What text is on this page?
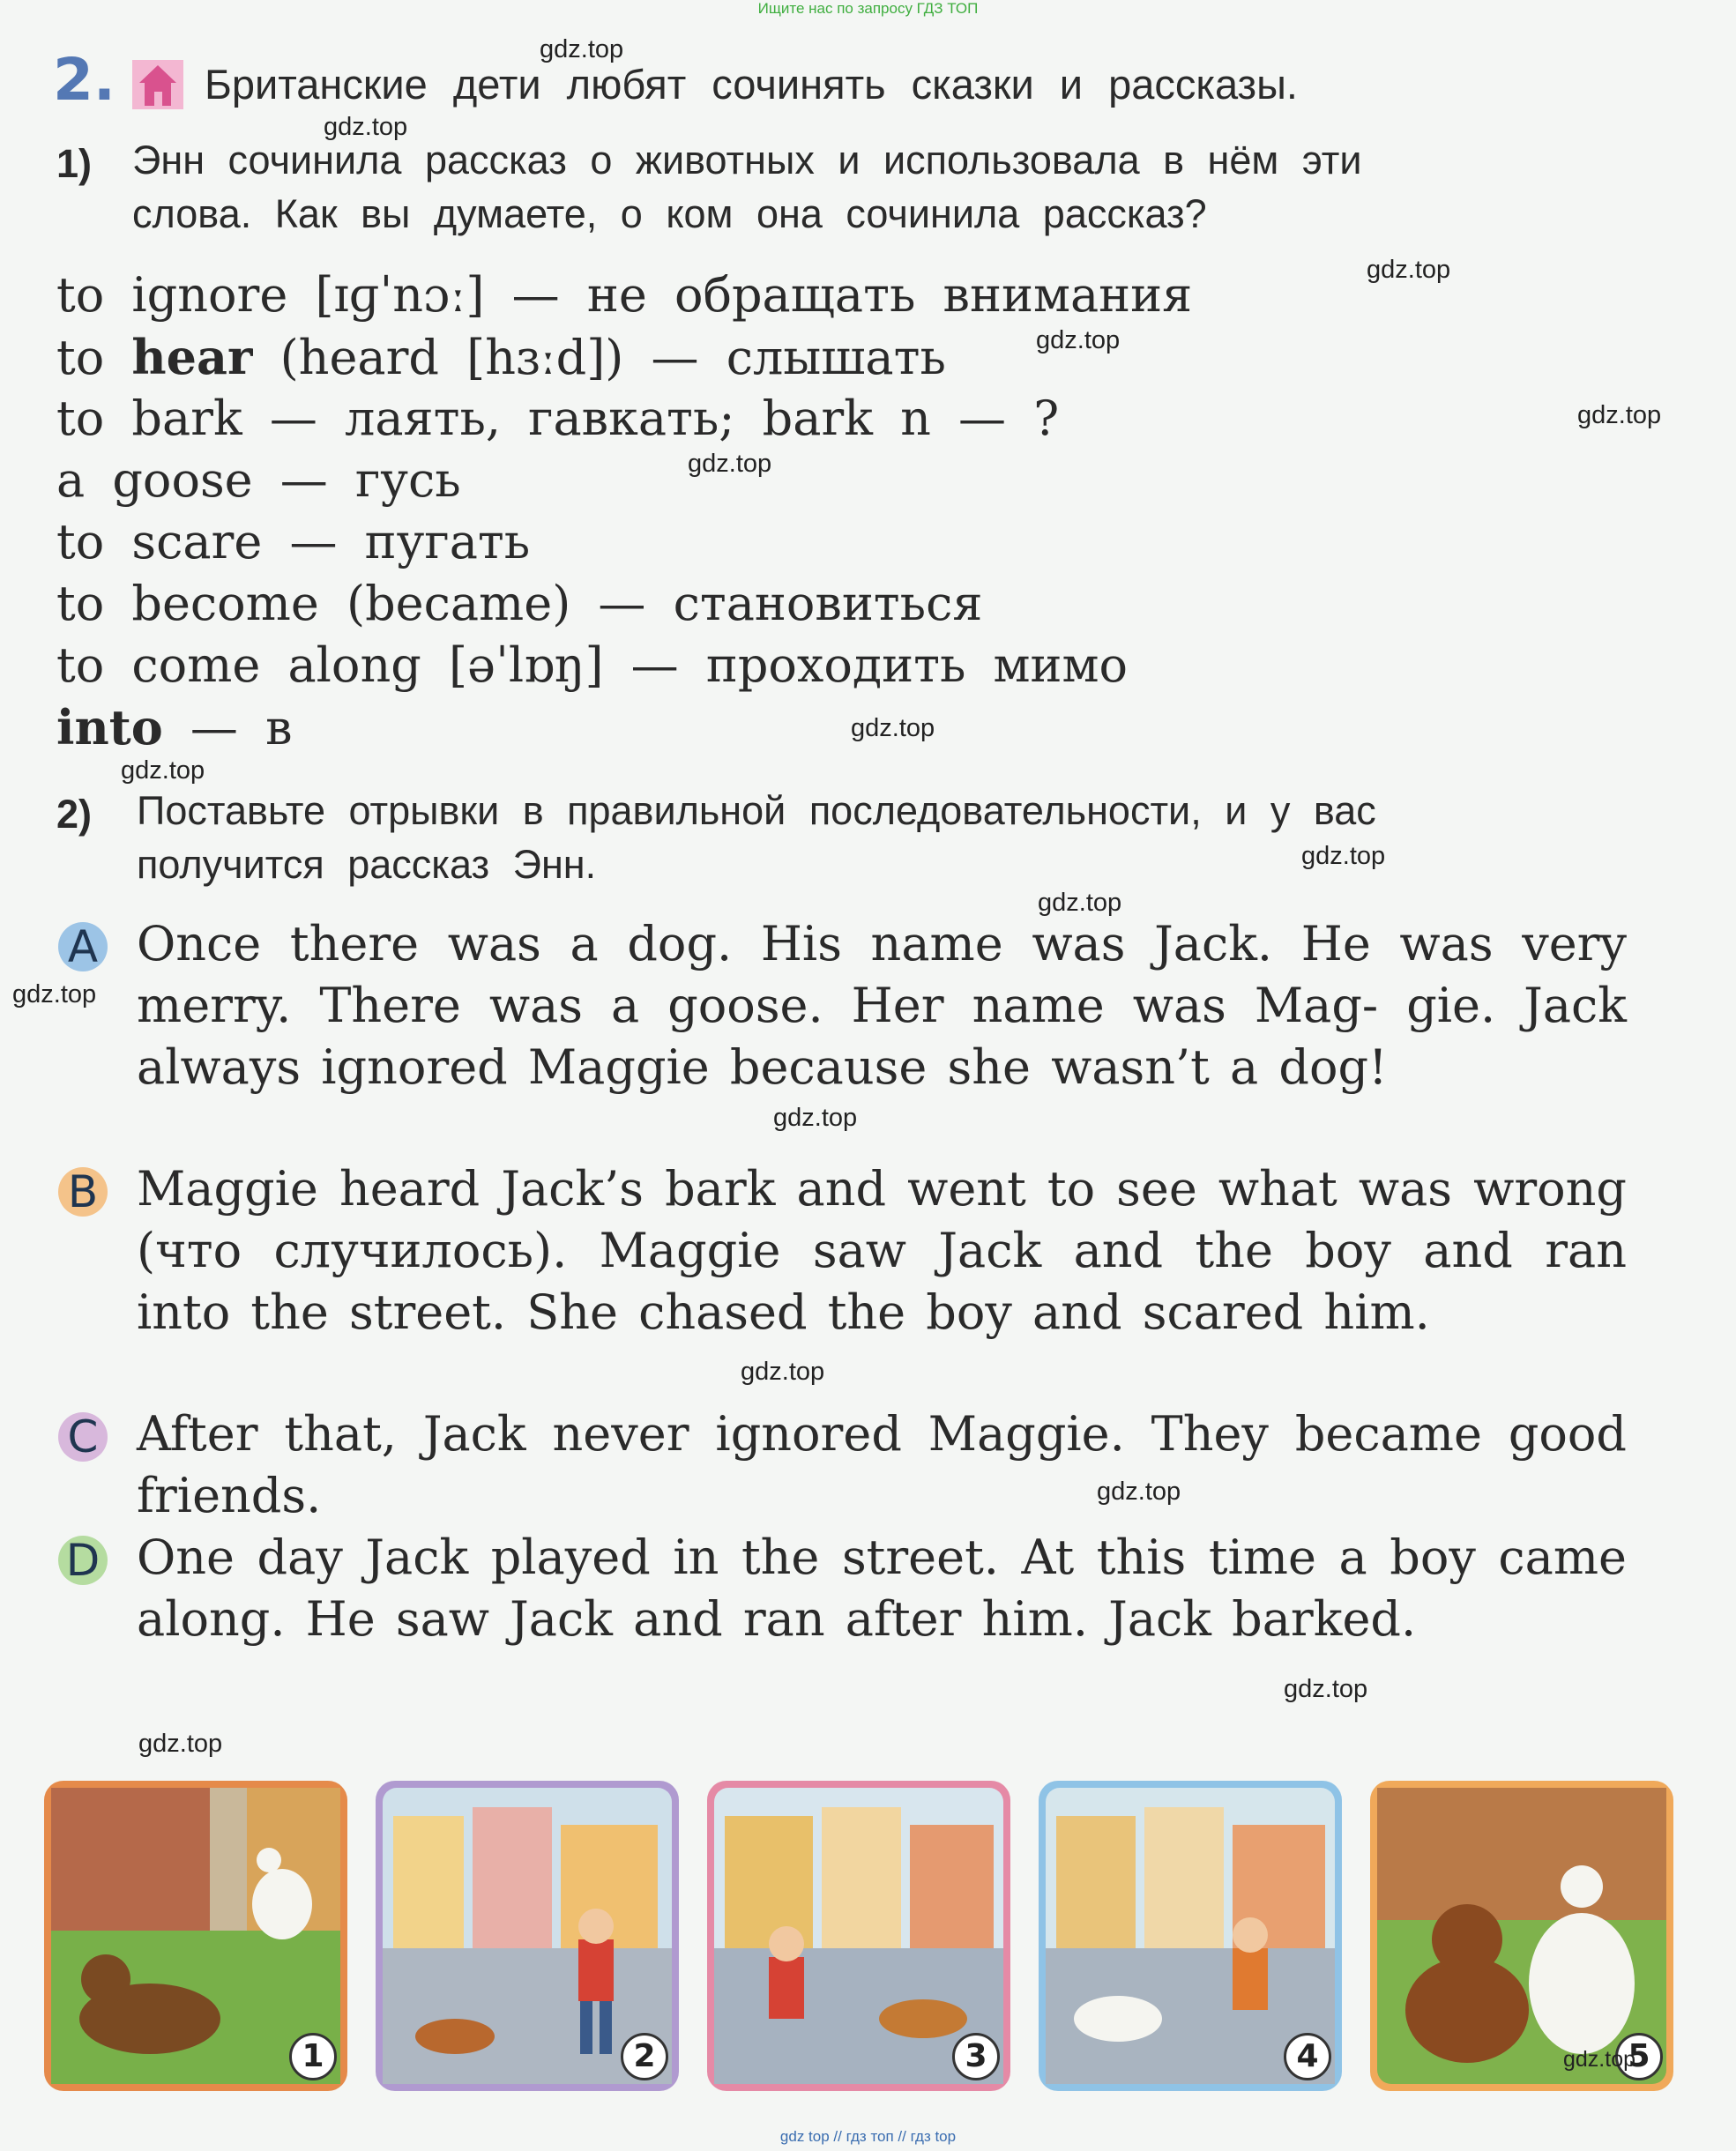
Ищите нас по запросу ГДЗ ТОП
2. Британские дети любят сочинять сказки и рассказы.
1) Энн сочинила рассказ о животных и использовала в нём эти
слова. Как вы думаете, о ком она сочинила рассказ?
to ignore [ɪɡˈnɔː] — не обращать внимания
to hear (heard [hɜːd]) — слышать
to bark — лаять, гавкать; bark n — ?
a goose — гусь
to scare — пугать
to become (became) — становиться
to come along [əˈlɒŋ] — проходить мимо
into — в
2) Поставьте отрывки в правильной последовательности, и у вас
получится рассказ Энн.
A Once there was a dog. His name was Jack. He was very merry. There was a goose. Her name was Mag- gie. Jack always ignored Maggie because she wasn’t a dog!
B Maggie heard Jack’s bark and went to see what was wrong (что случилось). Maggie saw Jack and the boy and ran into the street. She chased the boy and scared him.
C After that, Jack never ignored Maggie. They became good friends.
D One day Jack played in the street. At this time a boy came along. He saw Jack and ran after him. Jack barked.
1	2	3	4	5
gdz.top
gdz.top
gdz.top
gdz.top
gdz.top
gdz.top
gdz.top
gdz.top
gdz.top
gdz.top
gdz.top
gdz.top
gdz.top
gdz.top
gdz.top
gdz.top
gdz.top
gdz top // гдз топ // гдз top
